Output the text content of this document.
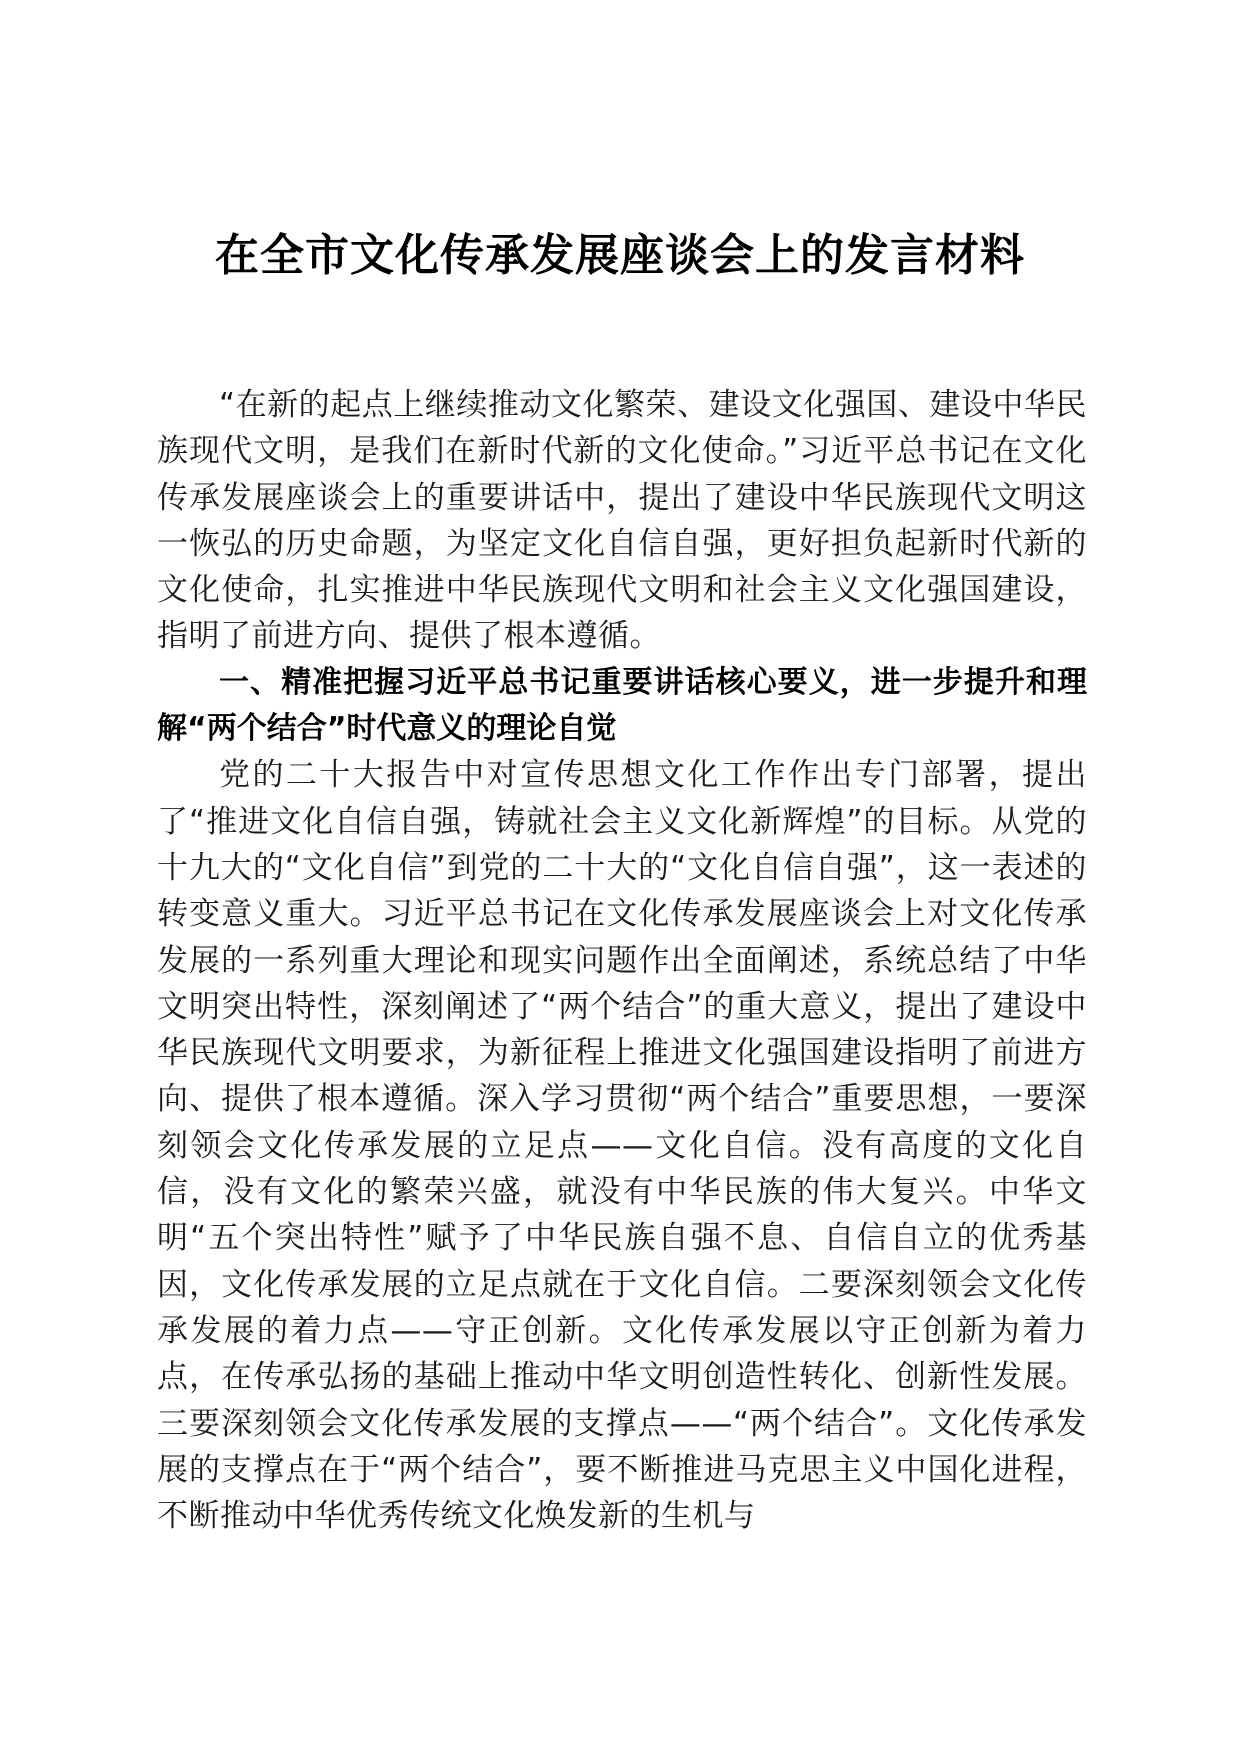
在全市文化传承发展座谈会上的发言材料

“在新的起点上继续推动文化繁荣、建设文化强国、建设中华民族现代文明，是我们在新时代新的文化使命。”习近平总书记在文化传承发展座谈会上的重要讲话中，提出了建设中华民族现代文明这一恢弘的历史命题，为坚定文化自信自强，更好担负起新时代新的文化使命，扎实推进中华民族现代文明和社会主义文化强国建设，指明了前进方向、提供了根本遵循。

一、精准把握习近平总书记重要讲话核心要义，进一步提升和理解“两个结合”时代意义的理论自觉

党的二十大报告中对宣传思想文化工作作出专门部署，提出了“推进文化自信自强，铸就社会主义文化新辉煌”的目标。从党的十九大的“文化自信”到党的二十大的“文化自信自强”，这一表述的转变意义重大。习近平总书记在文化传承发展座谈会上对文化传承发展的一系列重大理论和现实问题作出全面阐述，系统总结了中华文明突出特性，深刻阐述了“两个结合”的重大意义，提出了建设中华民族现代文明要求，为新征程上推进文化强国建设指明了前进方向、提供了根本遵循。深入学习贯彻“两个结合”重要思想，一要深刻领会文化传承发展的立足点——文化自信。没有高度的文化自信，没有文化的繁荣兴盛，就没有中华民族的伟大复兴。中华文明“五个突出特性”赋予了中华民族自强不息、自信自立的优秀基因，文化传承发展的立足点就在于文化自信。二要深刻领会文化传承发展的着力点——守正创新。文化传承发展以守正创新为着力点，在传承弘扬的基础上推动中华文明创造性转化、创新性发展。三要深刻领会文化传承发展的支撑点——“两个结合”。文化传承发展的支撑点在于“两个结合”，要不断推进马克思主义中国化进程，不断推动中华优秀传统文化焕发新的生机与
